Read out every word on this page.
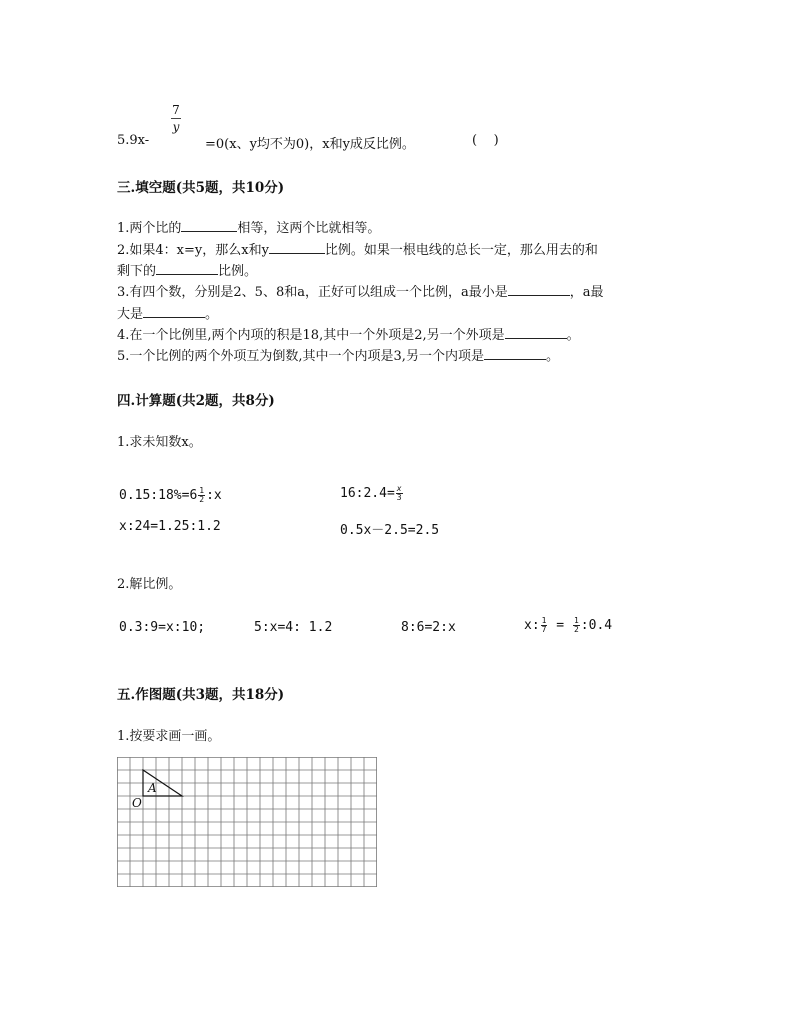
7
y
5.9x-	=0(x、y均不为0)，x和y成反比例。	(    )
三.填空题(共5题，共10分)
1.两个比的	相等，这两个比就相等。
2.如果4：x=y，那么x和y	比例。如果一根电线的总长一定，那么用去的和
剩下的	比例。
3.有四个数，分别是2、5、8和a，正好可以组成一个比例，a最小是	，a最
大是	。
4.在一个比例里,两个内项的积是18,其中一个外项是2,另一个外项是	。
5.一个比例的两个外项互为倒数,其中一个内项是3,另一个内项是	。
四.计算题(共2题，共8分)
1.求未知数x。
0.15:18%=6 $\frac{1}{2}$ :x	16:2.4= $\frac{x}{3}$
x:24=1.25:1.2	0.5x－2.5=2.5
2.解比例。
0.3:9=x:10;	5:x=4: 1.2	8:6=2:x	x: $\frac{1}{7} = \frac{1}{2}$ :0.4
五.作图题(共3题，共18分)
1.按要求画一画。
A
O
